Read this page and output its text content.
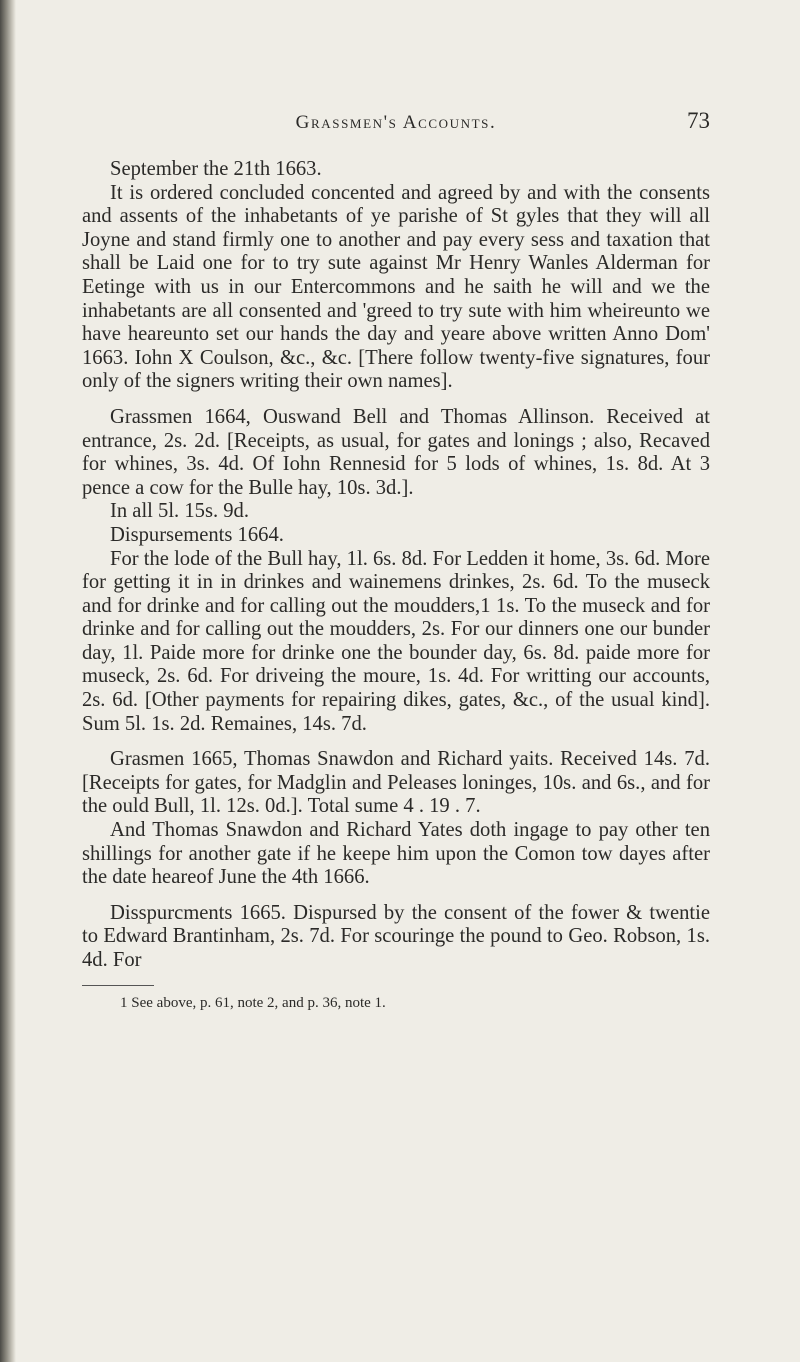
Grassmen's Accounts.	73

September the 21th 1663.

It is ordered concluded concented and agreed by and with the consents and assents of the inhabetants of ye parishe of St gyles that they will all Joyne and stand firmly one to another and pay every sess and taxation that shall be Laid one for to try sute against Mr Henry Wanles Alderman for Eetinge with us in our Entercommons and he saith he will and we the inhabetants are all consented and 'greed to try sute with him wheireunto we have heareunto set our hands the day and yeare above written Anno Dom' 1663. Iohn X Coulson, &c., &c. [There follow twenty-five signatures, four only of the signers writing their own names].

Grassmen 1664, Ouswand Bell and Thomas Allinson. Received at entrance, 2s. 2d. [Receipts, as usual, for gates and lonings ; also, Recaved for whines, 3s. 4d. Of Iohn Rennesid for 5 lods of whines, 1s. 8d. At 3 pence a cow for the Bulle hay, 10s. 3d.].

In all 5l. 15s. 9d.

Dispursements 1664.

For the lode of the Bull hay, 1l. 6s. 8d. For Ledden it home, 3s. 6d. More for getting it in in drinkes and wainemens drinkes, 2s. 6d. To the museck and for drinke and for calling out the moudders,1 1s. To the museck and for drinke and for calling out the moudders, 2s. For our dinners one our bunder day, 1l. Paide more for drinke one the bounder day, 6s. 8d. paide more for museck, 2s. 6d. For driveing the moure, 1s. 4d. For writting our accounts, 2s. 6d. [Other payments for repairing dikes, gates, &c., of the usual kind]. Sum 5l. 1s. 2d. Remaines, 14s. 7d.

Grasmen 1665, Thomas Snawdon and Richard yaits. Received 14s. 7d. [Receipts for gates, for Madglin and Peleases loninges, 10s. and 6s., and for the ould Bull, 1l. 12s. 0d.]. Total sume 4 . 19 . 7.

And Thomas Snawdon and Richard Yates doth ingage to pay other ten shillings for another gate if he keepe him upon the Comon tow dayes after the date heareof June the 4th 1666.

Disspurcments 1665. Dispursed by the consent of the fower & twentie to Edward Brantinham, 2s. 7d. For scouringe the pound to Geo. Robson, 1s. 4d. For

1 See above, p. 61, note 2, and p. 36, note 1.
